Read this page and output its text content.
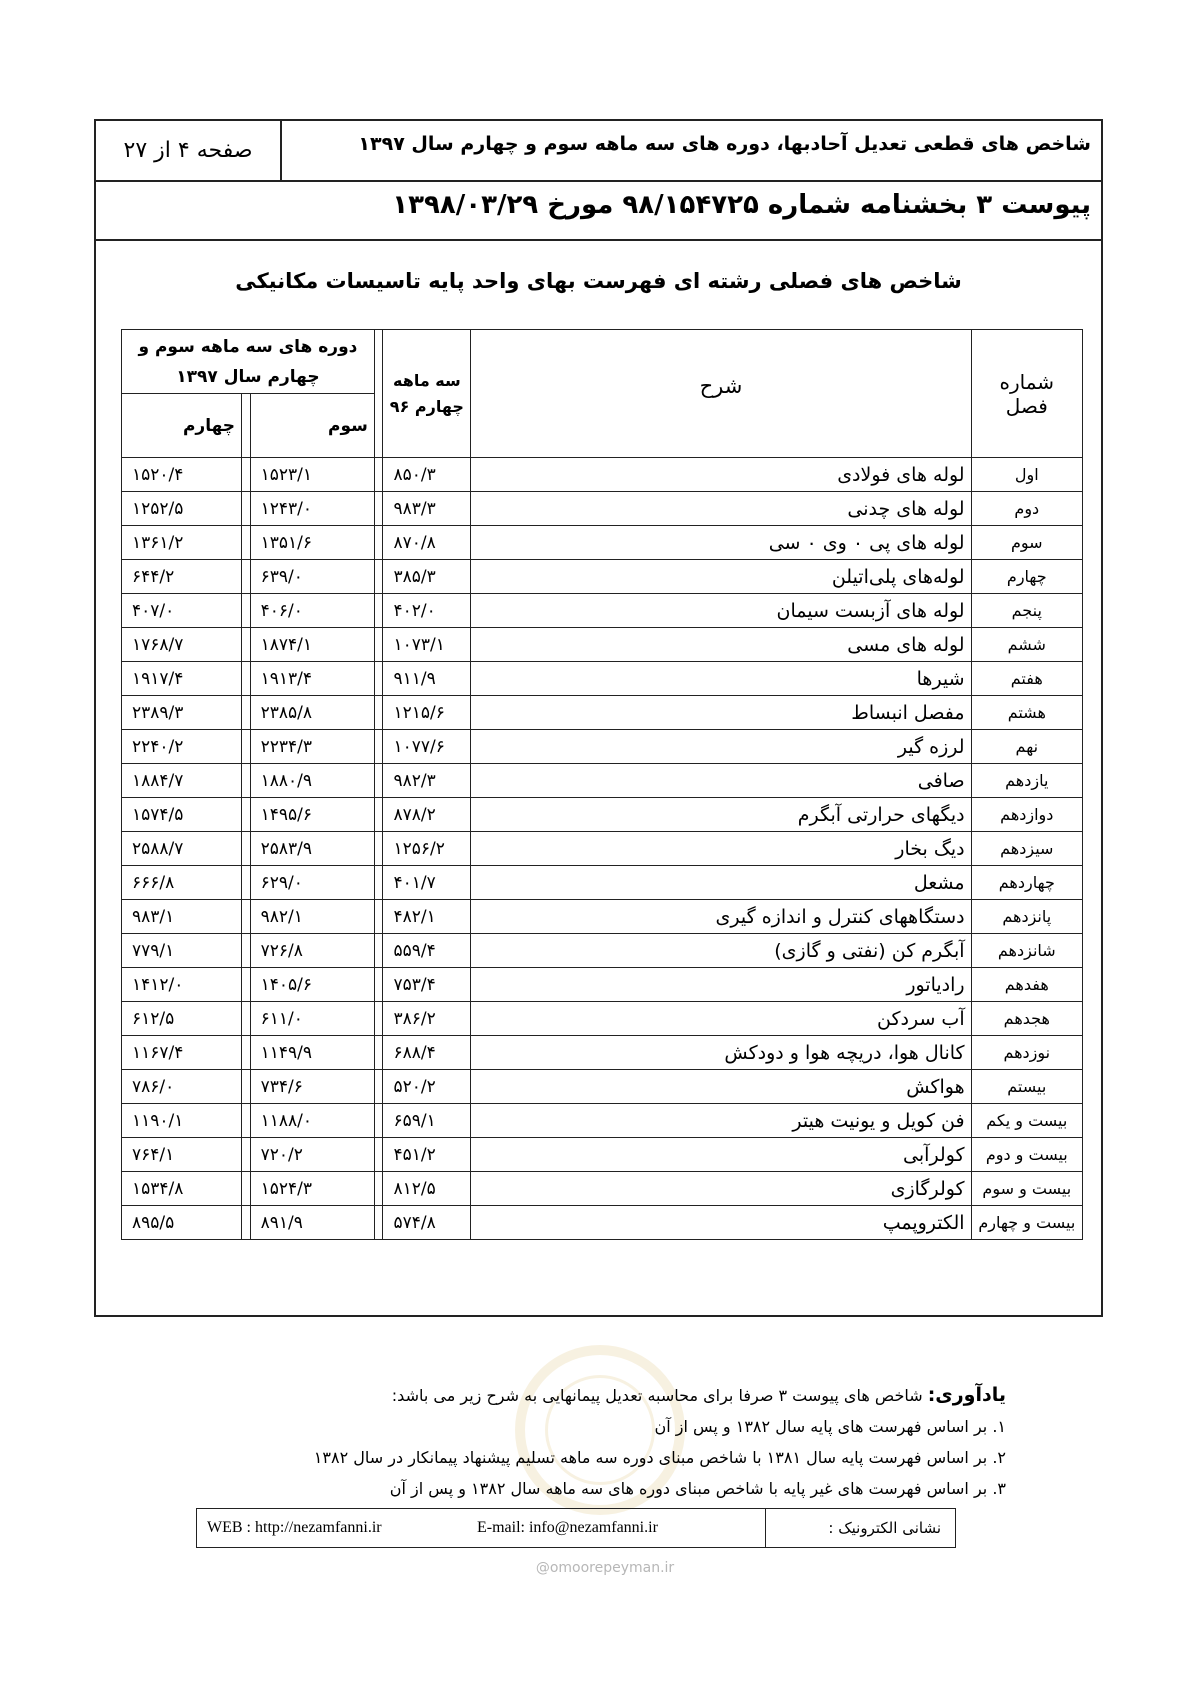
شاخص های قطعی تعدیل آحادبها، دوره های سه ماهه سوم و چهارم سال ۱۳۹۷
صفحه ۴ از ۲۷
پیوست ۳ بخشنامه شماره ۹۸/۱۵۴۷۲۵ مورخ ۱۳۹۸/۰۳/۲۹
شاخص های فصلی رشته ای فهرست بهای واحد پایه تاسیسات مکانیکی
شماره فصل	شرح	سه ماهه چهارم ۹۶		دوره های سه ماهه سوم و چهارم سال ۱۳۹۷		
				سوم		چهارم
اول	لوله های فولادی	۸۵۰/۳		۱۵۲۳/۱		۱۵۲۰/۴
دوم	لوله های چدنی	۹۸۳/۳		۱۲۴۳/۰		۱۲۵۲/۵
سوم	لوله های پی ۰ وی ۰ سی	۸۷۰/۸		۱۳۵۱/۶		۱۳۶۱/۲
چهارم	لوله‌های پلی‌اتیلن	۳۸۵/۳		۶۳۹/۰		۶۴۴/۲
پنجم	لوله های آزبست سیمان	۴۰۲/۰		۴۰۶/۰		۴۰۷/۰
ششم	لوله های مسی	۱۰۷۳/۱		۱۸۷۴/۱		۱۷۶۸/۷
هفتم	شیرها	۹۱۱/۹		۱۹۱۳/۴		۱۹۱۷/۴
هشتم	مفصل انبساط	۱۲۱۵/۶		۲۳۸۵/۸		۲۳۸۹/۳
نهم	لرزه گیر	۱۰۷۷/۶		۲۲۳۴/۳		۲۲۴۰/۲
یازدهم	صافی	۹۸۲/۳		۱۸۸۰/۹		۱۸۸۴/۷
دوازدهم	دیگهای حرارتی آبگرم	۸۷۸/۲		۱۴۹۵/۶		۱۵۷۴/۵
سیزدهم	دیگ بخار	۱۲۵۶/۲		۲۵۸۳/۹		۲۵۸۸/۷
چهاردهم	مشعل	۴۰۱/۷		۶۲۹/۰		۶۶۶/۸
پانزدهم	دستگاههای کنترل و اندازه گیری	۴۸۲/۱		۹۸۲/۱		۹۸۳/۱
شانزدهم	آبگرم کن (نفتی و گازی)	۵۵۹/۴		۷۲۶/۸		۷۷۹/۱
هفدهم	رادیاتور	۷۵۳/۴		۱۴۰۵/۶		۱۴۱۲/۰
هجدهم	آب سردکن	۳۸۶/۲		۶۱۱/۰		۶۱۲/۵
نوزدهم	کانال هوا، دریچه هوا و دودکش	۶۸۸/۴		۱۱۴۹/۹		۱۱۶۷/۴
بیستم	هواکش	۵۲۰/۲		۷۳۴/۶		۷۸۶/۰
بیست و یکم	فن کویل و یونیت هیتر	۶۵۹/۱		۱۱۸۸/۰		۱۱۹۰/۱
بیست و دوم	کولرآبی	۴۵۱/۲		۷۲۰/۲		۷۶۴/۱
بیست و سوم	کولرگازی	۸۱۲/۵		۱۵۲۴/۳		۱۵۳۴/۸
بیست و چهارم	الکتروپمپ	۵۷۴/۸		۸۹۱/۹		۸۹۵/۵
یادآوری: شاخص های پیوست ۳ صرفا برای محاسبه تعدیل پیمانهایی به شرح زیر می باشد:
۱. بر اساس فهرست های پایه سال ۱۳۸۲ و پس از آن
۲. بر اساس فهرست پایه سال ۱۳۸۱ با شاخص مبنای دوره سه ماهه تسلیم پیشنهاد پیمانکار در سال ۱۳۸۲
۳. بر اساس فهرست های غیر پایه با شاخص مبنای دوره های سه ماهه سال ۱۳۸۲ و پس از آن
WEB : http://nezamfanni.ir	E-mail: info@nezamfanni.ir	نشانی الکترونیک :
@omoorepeyman.ir
